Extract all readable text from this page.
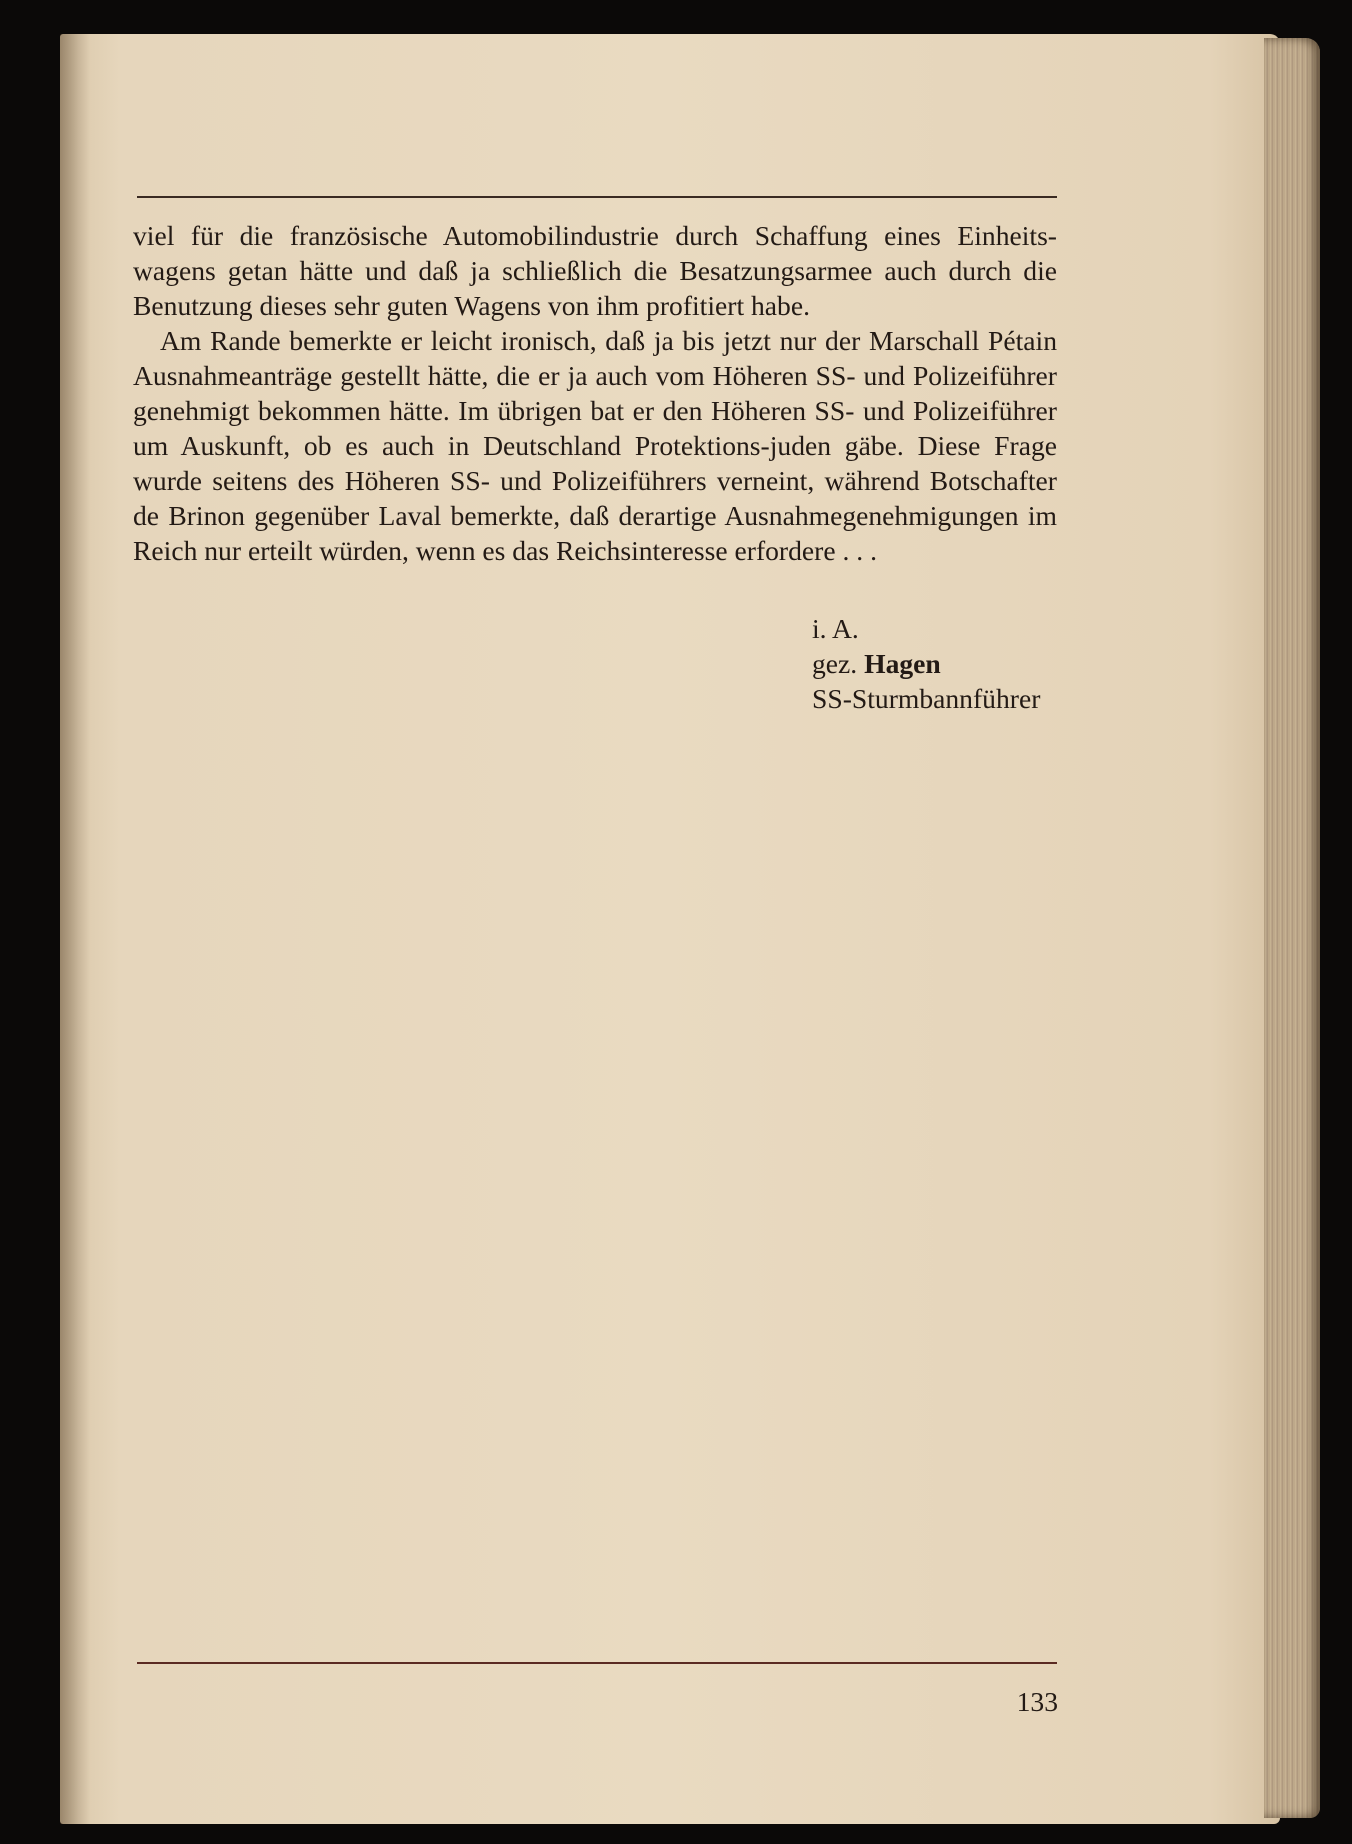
viel für die französische Automobilindustrie durch Schaffung eines Einheits-wagens getan hätte und daß ja schließlich die Besatzungsarmee auch durch die Benutzung dieses sehr guten Wagens von ihm profitiert habe.

Am Rande bemerkte er leicht ironisch, daß ja bis jetzt nur der Marschall Pétain Ausnahmeanträge gestellt hätte, die er ja auch vom Höheren SS- und Polizeiführer genehmigt bekommen hätte. Im übrigen bat er den Höheren SS- und Polizeiführer um Auskunft, ob es auch in Deutschland Protektions-juden gäbe. Diese Frage wurde seitens des Höheren SS- und Polizeiführers verneint, während Botschafter de Brinon gegenüber Laval bemerkte, daß derartige Ausnahmegenehmigungen im Reich nur erteilt würden, wenn es das Reichsinteresse erfordere . . .

i. A.
gez. Hagen
SS-Sturmbannführer
133
